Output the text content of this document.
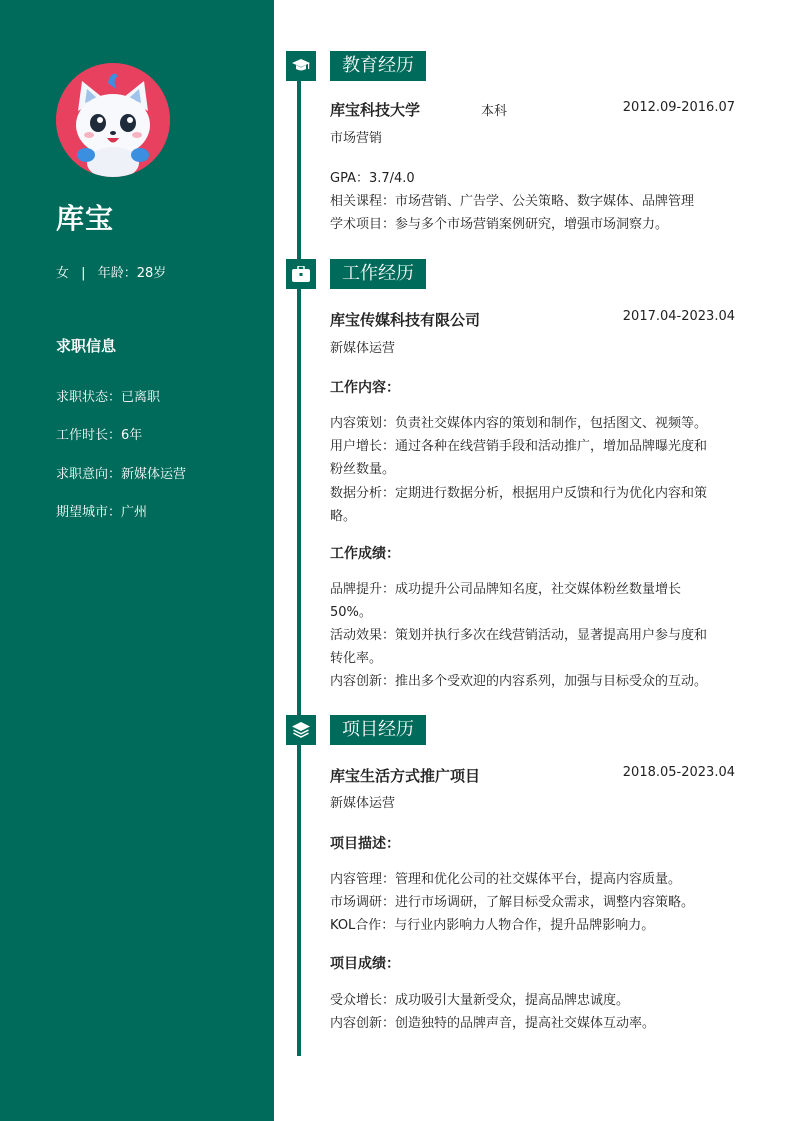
库宝
女 | 年龄：28岁
求职信息
求职状态：已离职
工作时长：6年
求职意向：新媒体运营
期望城市：广州
教育经历
库宝科技大学	本科	2012.09-2016.07
市场营销
GPA：3.7/4.0
相关课程：市场营销、广告学、公关策略、数字媒体、品牌管理
学术项目：参与多个市场营销案例研究，增强市场洞察力。
工作经历
库宝传媒科技有限公司	2017.04-2023.04
新媒体运营
工作内容：
内容策划：负责社交媒体内容的策划和制作，包括图文、视频等。
用户增长：通过各种在线营销手段和活动推广，增加品牌曝光度和
粉丝数量。
数据分析：定期进行数据分析，根据用户反馈和行为优化内容和策
略。
工作成绩：
品牌提升：成功提升公司品牌知名度，社交媒体粉丝数量增长
50%。
活动效果：策划并执行多次在线营销活动，显著提高用户参与度和
转化率。
内容创新：推出多个受欢迎的内容系列，加强与目标受众的互动。
项目经历
库宝生活方式推广项目	2018.05-2023.04
新媒体运营
项目描述：
内容管理：管理和优化公司的社交媒体平台，提高内容质量。
市场调研：进行市场调研，了解目标受众需求，调整内容策略。
KOL合作：与行业内影响力人物合作，提升品牌影响力。
项目成绩：
受众增长：成功吸引大量新受众，提高品牌忠诚度。
内容创新：创造独特的品牌声音，提高社交媒体互动率。
